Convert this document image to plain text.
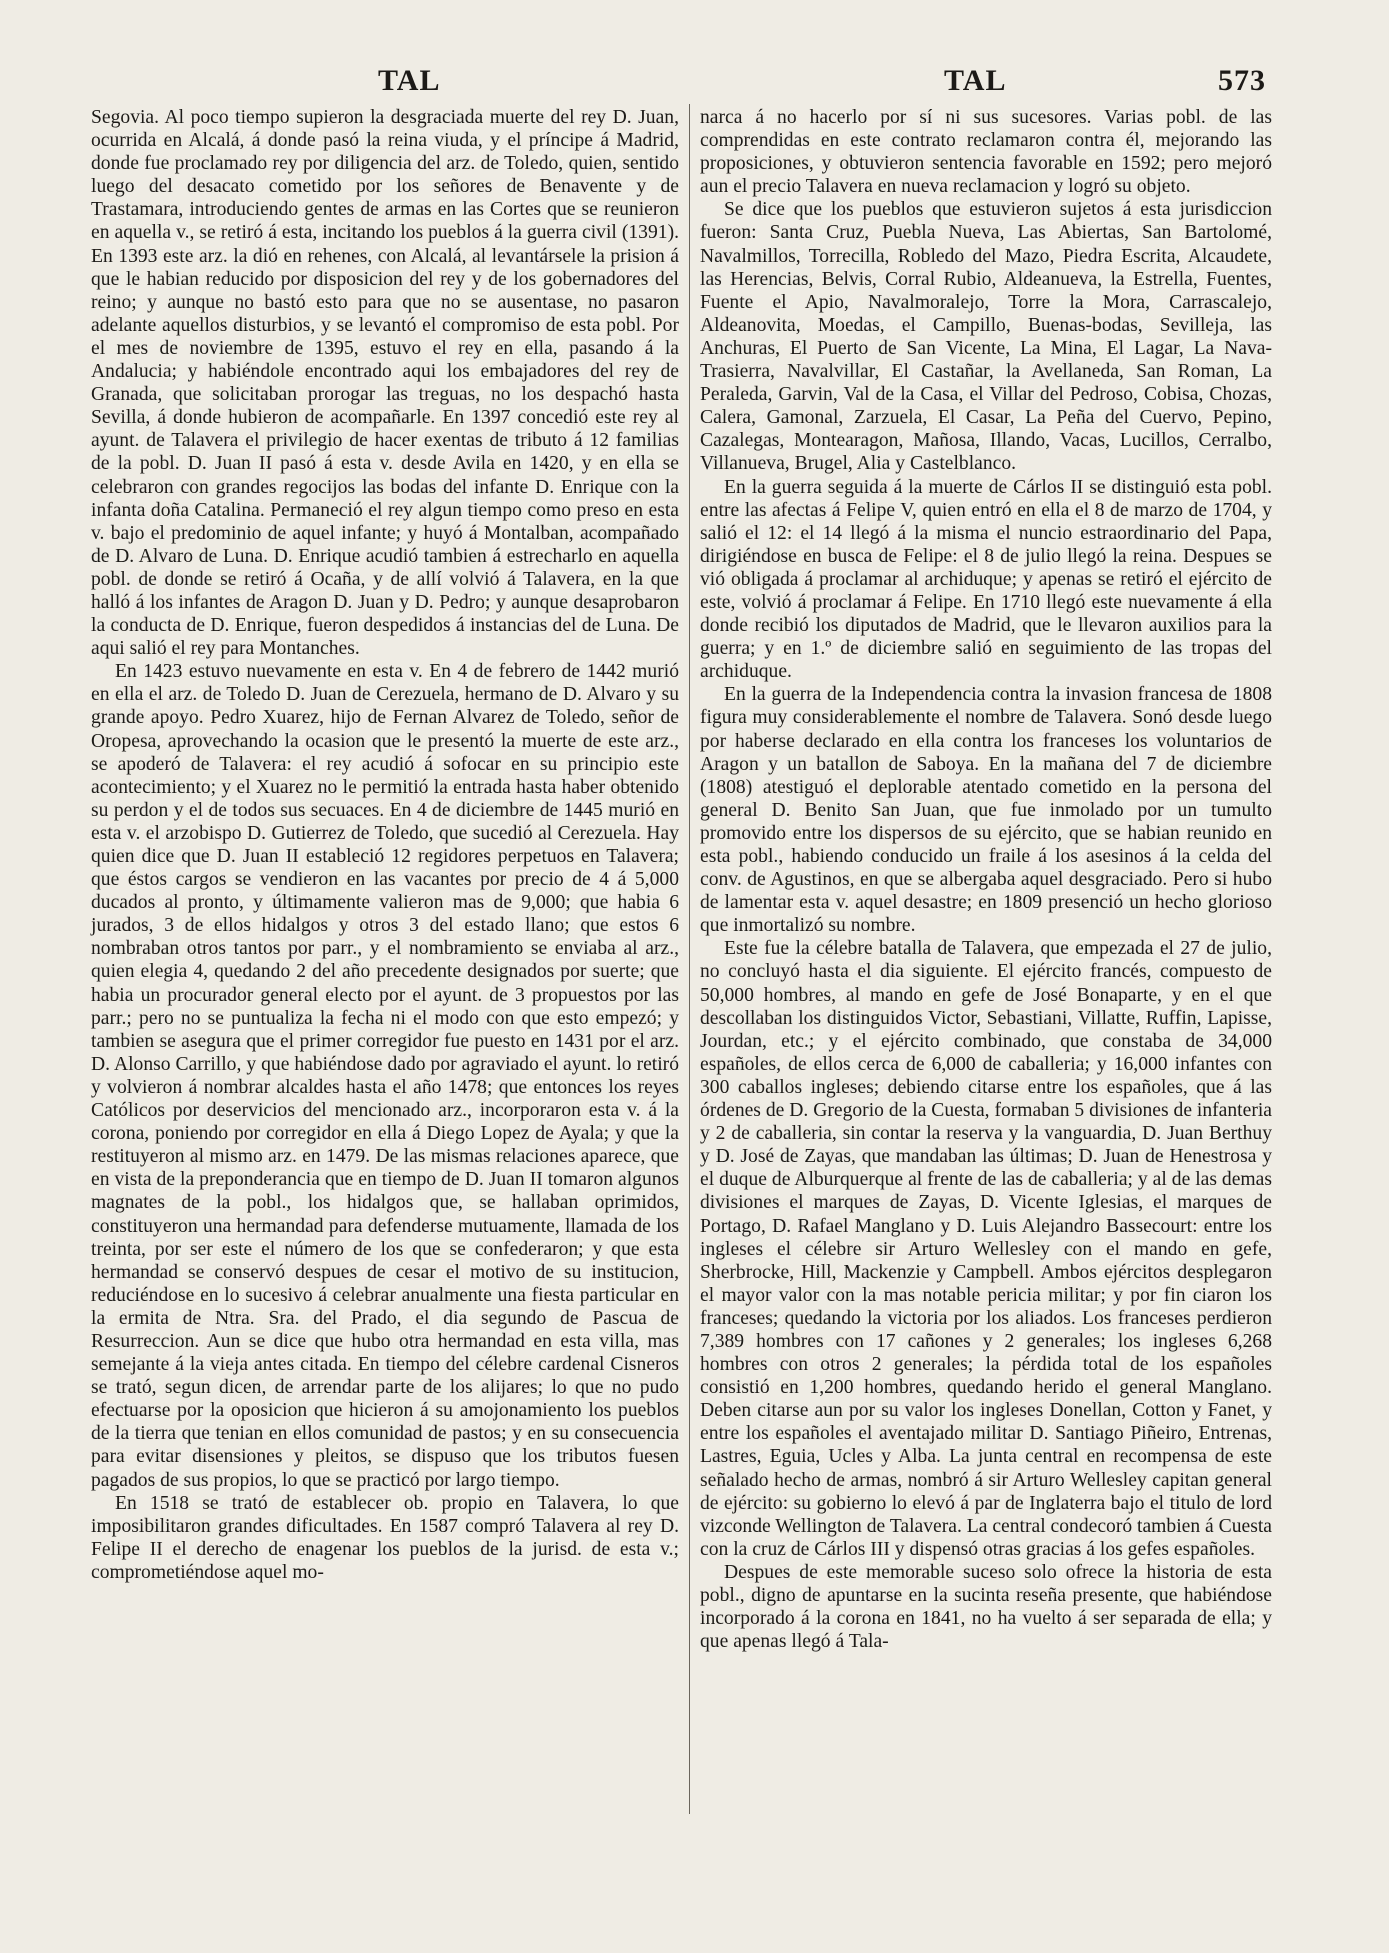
TAL	TAL	573

Segovia. Al poco tiempo supieron la desgraciada muerte del rey D. Juan, ocurrida en Alcalá, á donde pasó la reina viuda, y el príncipe á Madrid, donde fue proclamado rey por diligencia del arz. de Toledo, quien, sentido luego del desacato cometido por los señores de Benavente y de Trastamara, introduciendo gentes de armas en las Cortes que se reunieron en aquella v., se retiró á esta, incitando los pueblos á la guerra civil (1391). En 1393 este arz. la dió en rehenes, con Alcalá, al levantársele la prision á que le habian reducido por disposicion del rey y de los gobernadores del reino; y aunque no bastó esto para que no se ausentase, no pasaron adelante aquellos disturbios, y se levantó el compromiso de esta pobl. Por el mes de noviembre de 1395, estuvo el rey en ella, pasando á la Andalucia; y habiéndole encontrado aqui los embajadores del rey de Granada, que solicitaban prorogar las treguas, no los despachó hasta Sevilla, á donde hubieron de acompañarle. En 1397 concedió este rey al ayunt. de Talavera el privilegio de hacer exentas de tributo á 12 familias de la pobl. D. Juan II pasó á esta v. desde Avila en 1420, y en ella se celebraron con grandes regocijos las bodas del infante D. Enrique con la infanta doña Catalina. Permaneció el rey algun tiempo como preso en esta v. bajo el predominio de aquel infante; y huyó á Montalban, acompañado de D. Alvaro de Luna. D. Enrique acudió tambien á estrecharlo en aquella pobl. de donde se retiró á Ocaña, y de allí volvió á Talavera, en la que halló á los infantes de Aragon D. Juan y D. Pedro; y aunque desaprobaron la conducta de D. Enrique, fueron despedidos á instancias del de Luna. De aqui salió el rey para Montanches.

En 1423 estuvo nuevamente en esta v. En 4 de febrero de 1442 murió en ella el arz. de Toledo D. Juan de Cerezuela, hermano de D. Alvaro y su grande apoyo. Pedro Xuarez, hijo de Fernan Alvarez de Toledo, señor de Oropesa, aprovechando la ocasion que le presentó la muerte de este arz., se apoderó de Talavera: el rey acudió á sofocar en su principio este acontecimiento; y el Xuarez no le permitió la entrada hasta haber obtenido su perdon y el de todos sus secuaces. En 4 de diciembre de 1445 murió en esta v. el arzobispo D. Gutierrez de Toledo, que sucedió al Cerezuela. Hay quien dice que D. Juan II estableció 12 regidores perpetuos en Talavera; que éstos cargos se vendieron en las vacantes por precio de 4 á 5,000 ducados al pronto, y últimamente valieron mas de 9,000; que habia 6 jurados, 3 de ellos hidalgos y otros 3 del estado llano; que estos 6 nombraban otros tantos por parr., y el nombramiento se enviaba al arz., quien elegia 4, quedando 2 del año precedente designados por suerte; que habia un procurador general electo por el ayunt. de 3 propuestos por las parr.; pero no se puntualiza la fecha ni el modo con que esto empezó; y tambien se asegura que el primer corregidor fue puesto en 1431 por el arz. D. Alonso Carrillo, y que habiéndose dado por agraviado el ayunt. lo retiró y volvieron á nombrar alcaldes hasta el año 1478; que entonces los reyes Católicos por deservicios del mencionado arz., incorporaron esta v. á la corona, poniendo por corregidor en ella á Diego Lopez de Ayala; y que la restituyeron al mismo arz. en 1479. De las mismas relaciones aparece, que en vista de la preponderancia que en tiempo de D. Juan II tomaron algunos magnates de la pobl., los hidalgos que, se hallaban oprimidos, constituyeron una hermandad para defenderse mutuamente, llamada de los treinta, por ser este el número de los que se confederaron; y que esta hermandad se conservó despues de cesar el motivo de su institucion, reduciéndose en lo sucesivo á celebrar anualmente una fiesta particular en la ermita de Ntra. Sra. del Prado, el dia segundo de Pascua de Resurreccion. Aun se dice que hubo otra hermandad en esta villa, mas semejante á la vieja antes citada. En tiempo del célebre cardenal Cisneros se trató, segun dicen, de arrendar parte de los alijares; lo que no pudo efectuarse por la oposicion que hicieron á su amojonamiento los pueblos de la tierra que tenian en ellos comunidad de pastos; y en su consecuencia para evitar disensiones y pleitos, se dispuso que los tributos fuesen pagados de sus propios, lo que se practicó por largo tiempo.

En 1518 se trató de establecer ob. propio en Talavera, lo que imposibilitaron grandes dificultades. En 1587 compró Talavera al rey D. Felipe II el derecho de enagenar los pueblos de la jurisd. de esta v.; comprometiéndose aquel mo-

narca á no hacerlo por sí ni sus sucesores. Varias pobl. de las comprendidas en este contrato reclamaron contra él, mejorando las proposiciones, y obtuvieron sentencia favorable en 1592; pero mejoró aun el precio Talavera en nueva reclamacion y logró su objeto.

Se dice que los pueblos que estuvieron sujetos á esta jurisdiccion fueron: Santa Cruz, Puebla Nueva, Las Abiertas, San Bartolomé, Navalmillos, Torrecilla, Robledo del Mazo, Piedra Escrita, Alcaudete, las Herencias, Belvis, Corral Rubio, Aldeanueva, la Estrella, Fuentes, Fuente el Apio, Navalmoralejo, Torre la Mora, Carrascalejo, Aldeanovita, Moedas, el Campillo, Buenas-bodas, Sevilleja, las Anchuras, El Puerto de San Vicente, La Mina, El Lagar, La Nava-Trasierra, Navalvillar, El Castañar, la Avellaneda, San Roman, La Peraleda, Garvin, Val de la Casa, el Villar del Pedroso, Cobisa, Chozas, Calera, Gamonal, Zarzuela, El Casar, La Peña del Cuervo, Pepino, Cazalegas, Montearagon, Mañosa, Illando, Vacas, Lucillos, Cerralbo, Villanueva, Brugel, Alia y Castelblanco.

En la guerra seguida á la muerte de Cárlos II se distinguió esta pobl. entre las afectas á Felipe V, quien entró en ella el 8 de marzo de 1704, y salió el 12: el 14 llegó á la misma el nuncio estraordinario del Papa, dirigiéndose en busca de Felipe: el 8 de julio llegó la reina. Despues se vió obligada á proclamar al archiduque; y apenas se retiró el ejército de este, volvió á proclamar á Felipe. En 1710 llegó este nuevamente á ella donde recibió los diputados de Madrid, que le llevaron auxilios para la guerra; y en 1.º de diciembre salió en seguimiento de las tropas del archiduque.

En la guerra de la Independencia contra la invasion francesa de 1808 figura muy considerablemente el nombre de Talavera. Sonó desde luego por haberse declarado en ella contra los franceses los voluntarios de Aragon y un batallon de Saboya. En la mañana del 7 de diciembre (1808) atestiguó el deplorable atentado cometido en la persona del general D. Benito San Juan, que fue inmolado por un tumulto promovido entre los dispersos de su ejército, que se habian reunido en esta pobl., habiendo conducido un fraile á los asesinos á la celda del conv. de Agustinos, en que se albergaba aquel desgraciado. Pero si hubo de lamentar esta v. aquel desastre; en 1809 presenció un hecho glorioso que inmortalizó su nombre.

Este fue la célebre batalla de Talavera, que empezada el 27 de julio, no concluyó hasta el dia siguiente. El ejército francés, compuesto de 50,000 hombres, al mando en gefe de José Bonaparte, y en el que descollaban los distinguidos Victor, Sebastiani, Villatte, Ruffin, Lapisse, Jourdan, etc.; y el ejército combinado, que constaba de 34,000 españoles, de ellos cerca de 6,000 de caballeria; y 16,000 infantes con 300 caballos ingleses; debiendo citarse entre los españoles, que á las órdenes de D. Gregorio de la Cuesta, formaban 5 divisiones de infanteria y 2 de caballeria, sin contar la reserva y la vanguardia, D. Juan Berthuy y D. José de Zayas, que mandaban las últimas; D. Juan de Henestrosa y el duque de Alburquerque al frente de las de caballeria; y al de las demas divisiones el marques de Zayas, D. Vicente Iglesias, el marques de Portago, D. Rafael Manglano y D. Luis Alejandro Bassecourt: entre los ingleses el célebre sir Arturo Wellesley con el mando en gefe, Sherbrocke, Hill, Mackenzie y Campbell. Ambos ejércitos desplegaron el mayor valor con la mas notable pericia militar; y por fin ciaron los franceses; quedando la victoria por los aliados. Los franceses perdieron 7,389 hombres con 17 cañones y 2 generales; los ingleses 6,268 hombres con otros 2 generales; la pérdida total de los españoles consistió en 1,200 hombres, quedando herido el general Manglano. Deben citarse aun por su valor los ingleses Donellan, Cotton y Fanet, y entre los españoles el aventajado militar D. Santiago Piñeiro, Entrenas, Lastres, Eguia, Ucles y Alba. La junta central en recompensa de este señalado hecho de armas, nombró á sir Arturo Wellesley capitan general de ejército: su gobierno lo elevó á par de Inglaterra bajo el titulo de lord vizconde Wellington de Talavera. La central condecoró tambien á Cuesta con la cruz de Cárlos III y dispensó otras gracias á los gefes españoles.

Despues de este memorable suceso solo ofrece la historia de esta pobl., digno de apuntarse en la sucinta reseña presente, que habiéndose incorporado á la corona en 1841, no ha vuelto á ser separada de ella; y que apenas llegó á Tala-
